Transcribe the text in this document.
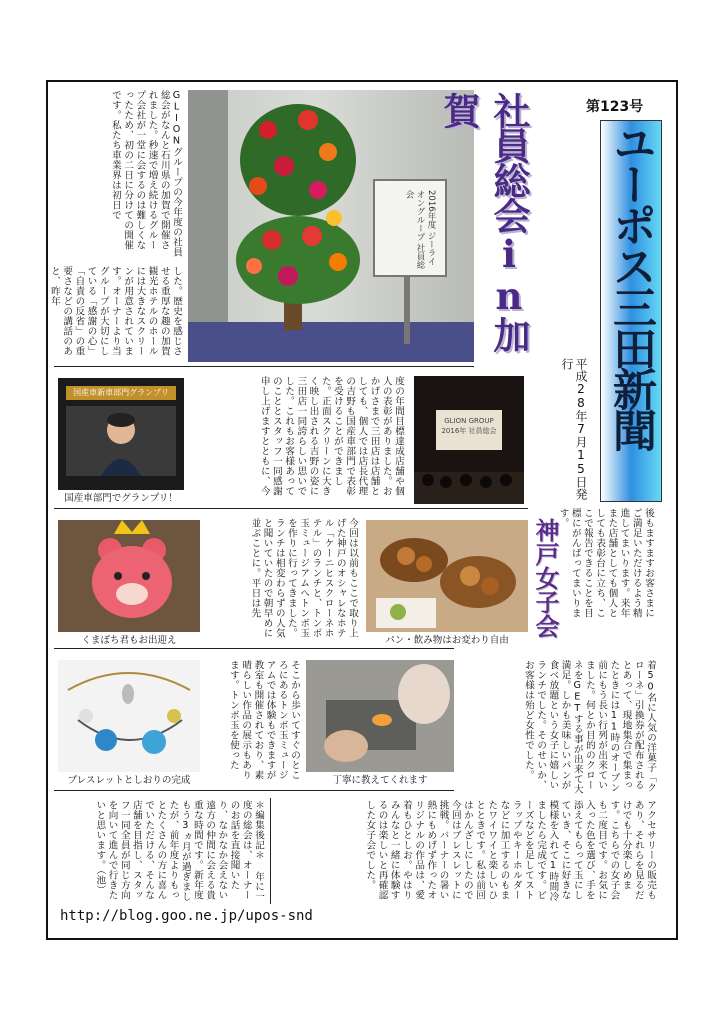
GLIONグループの今年度の社員総会がなんと石川県の加賀で開催されました。秒速で増え続けるグループ会社が一堂に会するのは難しくなったため、初の二日に分けての開催です。私たち車業界は初日で
した。歴史を感じさせる重厚な趣の加賀観光ホテルのホールには大きなスクリーンが用意されています。オーナーより当グループが大切にしている「感謝の心」「自責の反省」の重要さなどの講話のあと、昨年
2016年度 ジーライオングループ 社員総会	社員総会in加賀	第123号
ユーポス三田新聞
平成28年7月15日発行
国産車新車部門グランプリ
国産車部門でグランプリ！
度の年間目標達成店舗や個人の表彰がありました。おかげさまで三田店は店舗としても、個人では店長代理の吉野も国産車部門で表彰を受けることができました。正面スクリーンに大きく映し出される吉野の姿に三田店一同誇らしい思いでした。これもお客様あってのこととスタッフ一同感謝申し上げますとともに、今	GLION GROUP 2016年 社員総会
後もますますお客さまにご満足いただけるよう精進してまいります。来年また店舗としても個人としても表彰台に立ち、ここで報告できることを目標にがんばってまいります。
くまぽち君もお出迎え
今回は以前もここで取り上げた神戸のオシャレなホテル「ケーニヒスクローネホテル」のランチと、トンボ玉ミュージアムへトンボ玉を作りに行ってきました。ランチは相変わらずの人気と聞いていたので朝早めに並ぶことに。平日は先
パン・飲み物はお変わり自由
神戸女子会
着50名に人気の洋菓子「クローネ」引換券が配布されるとあって、現地集合で集まったときには11時のオープン前にもう長い行列が出来ていました。何とか目的のクローネをGETする事が出来て大満足。しかも美味しいパンが食べ放題という女子に嬉しいランチでした。そのせいか、お客様は殆ど女性でした。
ブレスレットとしおりの完成
そこから歩いてすぐのところにあるトンボ玉ミュージアムでは体験もできますが教室も開催されており、素晴らしい作品の展示もあります。トンボ玉を使った
丁寧に教えてくれます
アクセサリーの販売もあり、それらを見るだけでも十分楽しめます。こちらでの女子会も二度目です。お気に入った色を選び、手を添えてもらって玉にしていき、そこに好きな模様を入れて1時間冷ましたら完成です。ビーズなどを足してストラップやキーホルダーなどに加工するのもまたワイワイと楽しいひとときです。私は前回はかんざしにしたので今回はブレスレットに挑戦。バーナーの暑い熱にもめげず作ったオリジナルの作品は、愛着もひとしお。やはりみんなと一緒に体験するのは楽しいと再確認した女子会でした。
＊編集後記＊ 年に一度の総会は、オーナーのお話を直接聞いたり、なかなか会えない遠方の仲間に会える貴重な時間です。新年度もう3ヵ月が過ぎましたが、前年度よりもっとたくさんの方に喜んでいただける、そんな店舗を目指し、スタッフ一同全員が同じ方向を向いて進んで行きたいと思います。（池）
http://blog.goo.ne.jp/upos-snd
